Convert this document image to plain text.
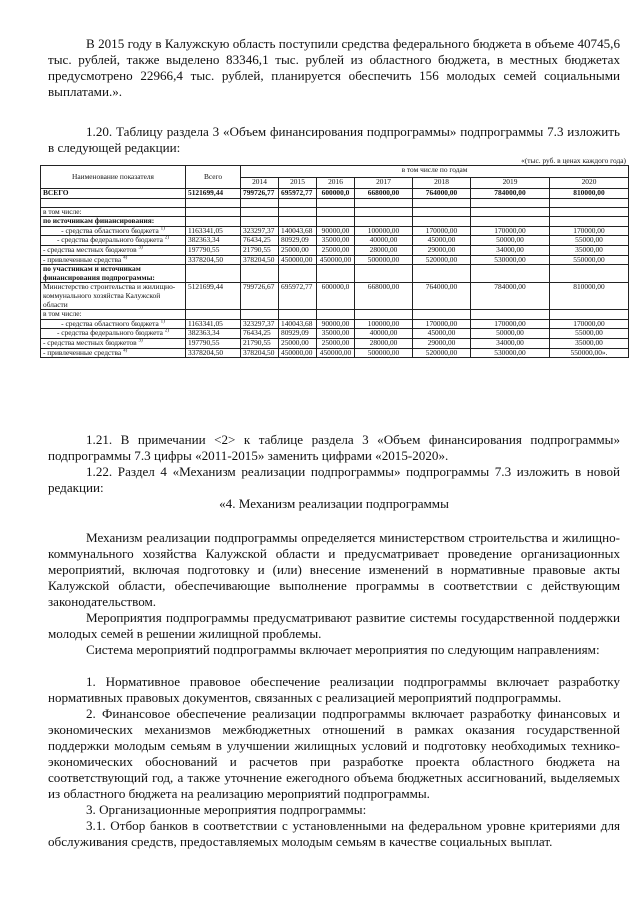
В 2015 году в Калужскую область поступили средства федерального бюджета в объеме 40745,6 тыс. рублей, также выделено 83346,1 тыс. рублей из областного бюджета, в местных бюджетах предусмотрено 22966,4 тыс. рублей, планируется обеспечить 156 молодых семей социальными выплатами.».

1.20. Таблицу раздела 3 «Объем финансирования подпрограммы» подпрограммы 7.3 изложить в следующей редакции:

«(тыс. руб. в ценах каждого года)
Наименование показателя	Всего	в том числе по годам						
		2014	2015	2016	2017	2018	2019	2020
ВСЕГО	5121699,44	799726,77	695972,77	600000,0	668000,00	764000,00	784000,00	810000,00

в том числе:								
по источникам финансирования:								
- средства областного бюджета $^{1)}$	1163341,05	323297,37	140043,68	90000,00	100000,00	170000,00	170000,00	170000,00
- средства федерального бюджета $^{2)}$	382363,34	76434,25	80929,09	35000,00	40000,00	45000,00	50000,00	55000,00
- средства местных бюджетов $^{3)}$	197790,55	21790,55	25000,00	25000,00	28000,00	29000,00	34000,00	35000,00
- привлеченные средства $^{4)}$	3378204,50	378204,50	450000,00	450000,00	500000,00	520000,00	530000,00	550000,00
по участникам и источникам финансирования подпрограммы:								
Министерство строительства и жилищно-коммунального хозяйства Калужской области	5121699,44	799726,67	695972,77	600000,0	668000,00	764000,00	784000,00	810000,00
в том числе:								
- средства областного бюджета $^{1)}$	1163341,05	323297,37	140043,68	90000,00	100000,00	170000,00	170000,00	170000,00
- средства федерального бюджета $^{2)}$	382363,34	76434,25	80929,09	35000,00	40000,00	45000,00	50000,00	55000,00
- средства местных бюджетов $^{3)}$	197790,55	21790,55	25000,00	25000,00	28000,00	29000,00	34000,00	35000,00
- привлеченные средства $^{4)}$	3378204,50	378204,50	450000,00	450000,00	500000,00	520000,00	530000,00	550000,00».

1.21. В примечании <2> к таблице раздела 3 «Объем финансирования подпрограммы» подпрограммы 7.3 цифры «2011-2015» заменить цифрами «2015-2020».

1.22. Раздел 4 «Механизм реализации подпрограммы» подпрограммы 7.3 изложить в новой редакции:

«4. Механизм реализации подпрограммы

Механизм реализации подпрограммы определяется министерством строительства и жилищно-коммунального хозяйства Калужской области и предусматривает проведение организационных мероприятий, включая подготовку и (или) внесение изменений в нормативные правовые акты Калужской области, обеспечивающие выполнение программы в соответствии с действующим законодательством.

Мероприятия подпрограммы предусматривают развитие системы государственной поддержки молодых семей в решении жилищной проблемы.

Система мероприятий подпрограммы включает мероприятия по следующим направлениям:

1. Нормативное правовое обеспечение реализации подпрограммы включает разработку нормативных правовых документов, связанных с реализацией мероприятий подпрограммы.

2. Финансовое обеспечение реализации подпрограммы включает разработку финансовых и экономических механизмов межбюджетных отношений в рамках оказания государственной поддержки молодым семьям в улучшении жилищных условий и подготовку необходимых технико-экономических обоснований и расчетов при разработке проекта областного бюджета на соответствующий год, а также уточнение ежегодного объема бюджетных ассигнований, выделяемых из областного бюджета на реализацию мероприятий подпрограммы.

3. Организационные мероприятия подпрограммы:

3.1. Отбор банков в соответствии с установленными на федеральном уровне критериями для обслуживания средств, предоставляемых молодым семьям в качестве социальных выплат.
